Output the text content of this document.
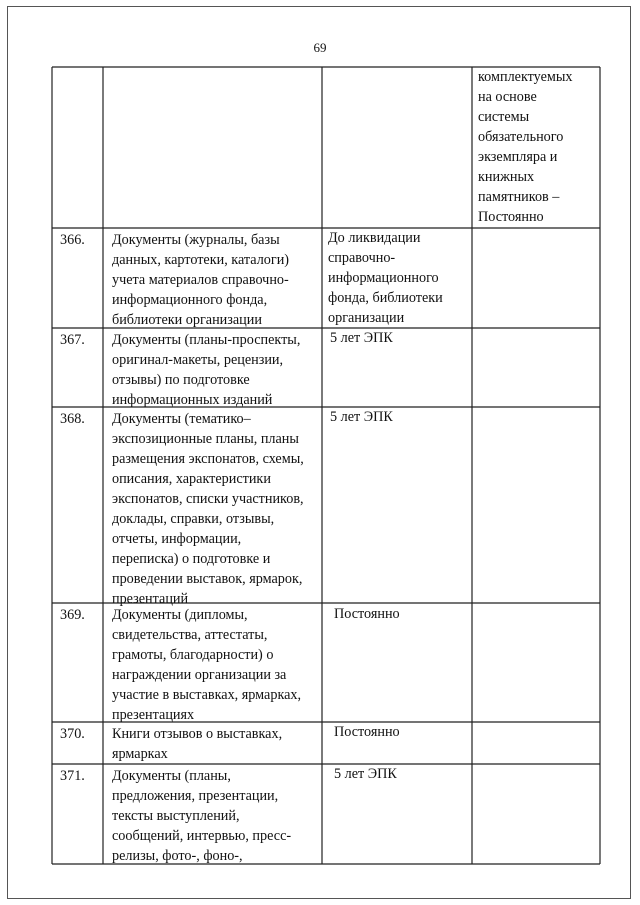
69
комплектуемых
на основе
системы
обязательного
экземпляра и
книжных
памятников –
Постоянно
366. Документы (журналы, базы
данных, картотеки, каталоги)
учета материалов справочно-
информационного фонда,
библиотеки организации
До ликвидации
справочно-
информационного
фонда, библиотеки
организации
367. Документы (планы-проспекты,
оригинал-макеты, рецензии,
отзывы) по подготовке
информационных изданий
5 лет ЭПК
368. Документы (тематико–
экспозиционные планы, планы
размещения экспонатов, схемы,
описания, характеристики
экспонатов, списки участников,
доклады, справки, отзывы,
отчеты, информации,
переписка) о подготовке и
проведении выставок, ярмарок,
презентаций
5 лет ЭПК
369. Документы (дипломы,
свидетельства, аттестаты,
грамоты, благодарности) о
награждении организации за
участие в выставках, ярмарках,
презентациях
Постоянно
370. Книги отзывов о выставках,
ярмарках
Постоянно
371. Документы (планы,
предложения, презентации,
тексты выступлений,
сообщений, интервью, пресс-
релизы, фото-, фоно-,
5 лет ЭПК
